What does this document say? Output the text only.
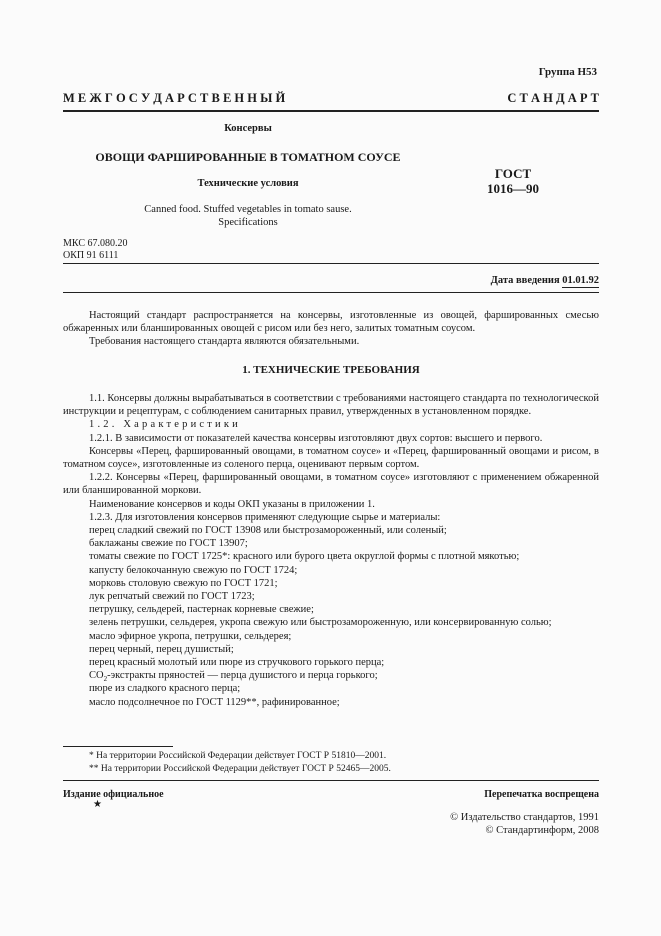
Группа Н53
М Е Ж Г О С У Д А Р С Т В Е Н Н Ы Й	С Т А Н Д А Р Т
Консервы
ОВОЩИ ФАРШИРОВАННЫЕ В ТОМАТНОМ СОУСЕ
Технические условия
Canned food. Stuffed vegetables in tomato sause.
Specifications
ГОСТ
1016—90
МКС 67.080.20
ОКП 91 6111
Дата введения 01.01.92

Настоящий стандарт распространяется на консервы, изготовленные из овощей, фаршированных смесью обжаренных или бланшированных овощей с рисом или без него, залитых томатным соусом.

Требования настоящего стандарта являются обязательными.

1. ТЕХНИЧЕСКИЕ ТРЕБОВАНИЯ

1.1. Консервы должны вырабатываться в соответствии с требованиями настоящего стандарта по технологической инструкции и рецептурам, с соблюдением санитарных правил, утвержденных в установленном порядке.

1.2. Характеристики

1.2.1. В зависимости от показателей качества консервы изготовляют двух сортов: высшего и первого.

Консервы «Перец, фаршированный овощами, в томатном соусе» и «Перец, фаршированный овощами и рисом, в томатном соусе», изготовленные из соленого перца, оценивают первым сортом.

1.2.2. Консервы «Перец, фаршированный овощами, в томатном соусе» изготовляют с применением обжаренной или бланшированной моркови.

Наименование консервов и коды ОКП указаны в приложении 1.

1.2.3. Для изготовления консервов применяют следующие сырье и материалы:

перец сладкий свежий по ГОСТ 13908 или быстрозамороженный, или соленый;

баклажаны свежие по ГОСТ 13907;

томаты свежие по ГОСТ 1725*: красного или бурого цвета округлой формы с плотной мякотью;

капусту белокочанную свежую по ГОСТ 1724;

морковь столовую свежую по ГОСТ 1721;

лук репчатый свежий по ГОСТ 1723;

петрушку, сельдерей, пастернак корневые свежие;

зелень петрушки, сельдерея, укропа свежую или быстрозамороженную, или консервированную солью;

масло эфирное укропа, петрушки, сельдерея;

перец черный, перец душистый;

перец красный молотый или пюре из стручкового горького перца;

$CO_2$-экстракты пряностей — перца душистого и перца горького;

пюре из сладкого красного перца;

масло подсолнечное по ГОСТ 1129**, рафинированное;

* На территории Российской Федерации действует ГОСТ Р 51810—2001.
** На территории Российской Федерации действует ГОСТ Р 52465—2005.
Издание официальное
★
Перепечатка воспрещена
© Издательство стандартов, 1991
© Стандартинформ, 2008
